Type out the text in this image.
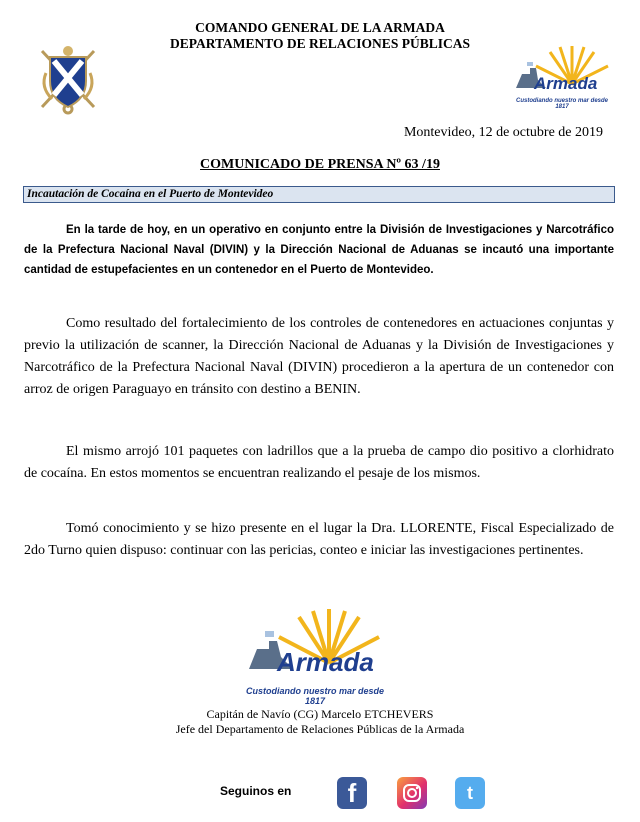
COMANDO GENERAL DE LA ARMADA
DEPARTAMENTO DE RELACIONES PÚBLICAS
Armada
Custodiando nuestro mar desde 1817
Montevideo, 12 de octubre de 2019
COMUNICADO DE PRENSA Nº 63 /19
Incautación de Cocaína en el Puerto de Montevideo
En la tarde de hoy, en un operativo en conjunto entre la División de Investigaciones y Narcotráfico de la Prefectura Nacional Naval (DIVIN) y la Dirección Nacional de Aduanas se incautó una importante cantidad de estupefacientes en un contenedor en el Puerto de Montevideo.
Como resultado del fortalecimiento de los controles de contenedores en actuaciones conjuntas y previo la utilización de scanner, la Dirección Nacional de Aduanas y la División de Investigaciones y Narcotráfico de la Prefectura Nacional Naval (DIVIN) procedieron a la apertura de un contenedor con arroz de origen Paraguayo en tránsito con destino a BENIN.
El mismo arrojó 101 paquetes con ladrillos que a la prueba de campo dio positivo a clorhidrato de cocaína. En estos momentos se encuentran realizando el pesaje de los mismos.
Tomó conocimiento y se hizo presente en el lugar la Dra. LLORENTE, Fiscal Especializado de 2do Turno quien dispuso: continuar con las pericias, conteo e iniciar las investigaciones pertinentes.
Armada
Custodiando nuestro mar desde 1817
Capitán de Navío (CG) Marcelo ETCHEVERS
Jefe del Departamento de Relaciones Públicas de la Armada
Seguinos en f	t
